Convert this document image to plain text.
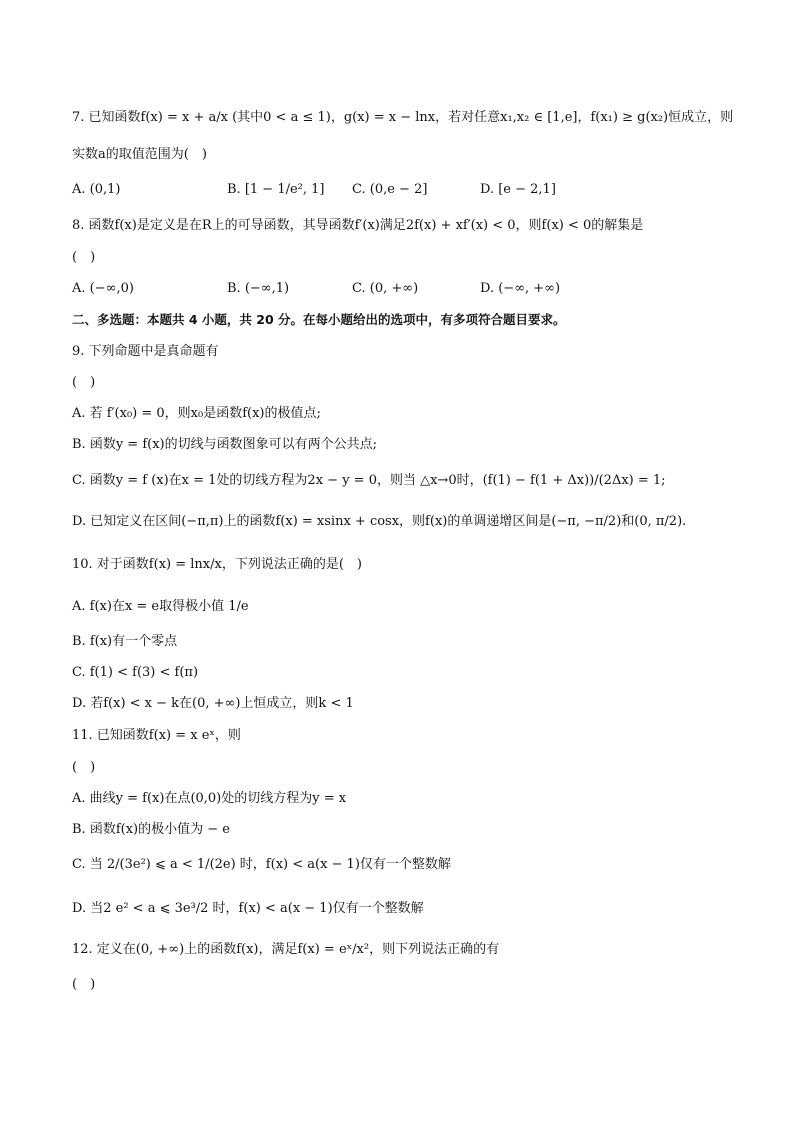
7. 已知函数f(x) = x + a/x (其中0 < a ≤ 1)，g(x) = x − lnx，若对任意x₁,x₂ ∈ [1,e]，f(x₁) ≥ g(x₂)恒成立，则
实数a的取值范围为(　)
A. (0,1)	B. [1 − 1/e², 1] C. (0,e − 2]	D. [e − 2,1]
8. 函数f(x)是定义是在R上的可导函数，其导函数f′(x)满足2f(x) + xf′(x) < 0，则f(x) < 0的解集是
(　)
A. (−∞,0)	B. (−∞,1)	C. (0, +∞)	D. (−∞, +∞)
二、多选题：本题共 4 小题，共 20 分。在每小题给出的选项中，有多项符合题目要求。
9. 下列命题中是真命题有
(　)
A. 若 f′(x₀) = 0，则x₀是函数f(x)的极值点;
B. 函数y = f(x)的切线与函数图象可以有两个公共点;
C. 函数y = f (x)在x = 1处的切线方程为2x − y = 0，则当 △x→0时，(f(1) − f(1 + Δx))/(2Δx) = 1;
D. 已知定义在区间(−π,π)上的函数f(x) = xsinx + cosx，则f(x)的单调递增区间是(−π, −π/2)和(0, π/2).
10. 对于函数f(x) = lnx/x，下列说法正确的是(　)
A. f(x)在x = e取得极小值 1/e
B. f(x)有一个零点
C. f(1) < f(3) < f(π)
D. 若f(x) < x − k在(0, +∞)上恒成立，则k < 1
11. 已知函数f(x) = x eˣ，则
(　)
A. 曲线y = f(x)在点(0,0)处的切线方程为y = x
B. 函数f(x)的极小值为 − e
C. 当 2/(3e²) ⩽ a < 1/(2e) 时，f(x) < a(x − 1)仅有一个整数解
D. 当2 e² < a ⩽ 3e³/2 时，f(x) < a(x − 1)仅有一个整数解
12. 定义在(0, +∞)上的函数f(x)，满足f(x) = eˣ/x²，则下列说法正确的有
(　)
